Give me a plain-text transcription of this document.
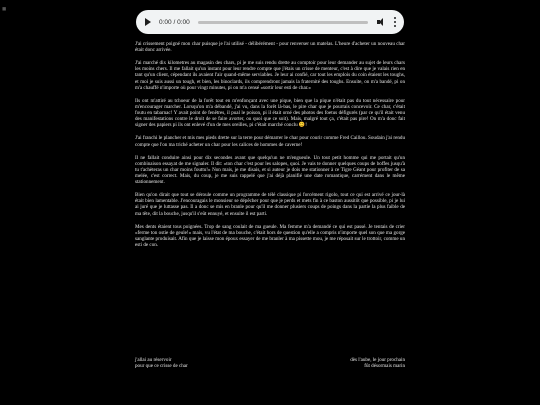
■
0:00 / 0:00

J'ai crissement poigné mon char puisque je l'ai utilisé - délibérément - pour renverser un matelas. L'heure d'acheter un nouveau char était donc arrivée.

J'ai marché dix kilometres au magasin des chars, pi je me suis rendu drette au comptoir pour leur demander au sujet de leurs chars les moins chers. Il me fallait qu'un instant pour leur rendre compte que j'étais un crisse de menteur, c'est à dire que je valais rien en tant qu'un client, cépendant ils avaient l'air quand-même serviables. Je leur ai confié, car tout les emplois du coin étaient les toughs, et moi je suis aussi un tough, et bien, les binoclards, ils comprendront jamais la fraternité des toughs. Ensuite, on m'a bandé, pi on m'a chauffé n'importe où pour vingt minutes, pi on m'a censé «sortir leur esti de char.»

Ils ont m'attiré au tchoeur de la forêt tout en m'enfonçant avec une pique, bien que la pique n'était pas du tout nécessaire pour m'encourager marcher. Lorsqu'on m'a débandé, j'ai vu, dans la forêt là-bas, le pire char que je pourrais concevoir. Ce char, c'était foutu en tabarnac! Y avait point de fenêtres, il pual le poison, pi il était orné des photos des foetus défigurés (par ce qu'il était venu des manifestations contre le droit de se faire avorter, ou quoi que ce soit). Mais, malgré tout ça, c'était pas pire! On m'a donc fait signer des papiers pi ils ont enlevé d'un de mes oreilles, pi c'était marché conclu 😊!

J'ai franchi le plancher et mis mes pieds drette sur la terre pour démarrer le char pour courir comme Fred Caillou. Soudain j'ai rendu compte que l'on ma triché acheter un char pour les calices de hommes de caverne!

Il ne fallait conduire ainsi pour dix secondes avant que quelqu'un ne m'engueule. Un tout petit homme qui me portait qu'un combinaison essayat de me signaler. Il dit: «ton char c'est pour les salopes, quoi. Je vais te donner quelques coups de boffes jusqu'à tu t'achèteras un char moins fouttu!» Non mais, je me disais, et si auteur je dois me stationner à ce Tigre Géant pour profiter de sa melée, c'est correct. Mais, du coup, je me suis rappelé que j'ai déjà planifié une date romantique, carrément dans le même stationnement.

Bien qu'on dirait que tout se déroule comme un programme de télé classique pi forcément rigolo, tout ce qui est arrivé ce jour-là était bien lamentable. J'encouragais le monsieur se dépêcher pour que je perds et mets fin à ce baston aussitôt que possible, pi je lui ai juré que je luttasse pas. Il a donc se mis en branle pour qu'il me donner plusiers coups de poings dans la partie la plus faible de ma tête, dit la bouche, jusqu'il s'eût ennuyé, et ensuite il est parti.

Mes dents étaient tous poignées. Trop de sang coulait de ma gueule. Ma femme m'a demandé ce qui est passé. Je tentais de crier «ferme ton ostie de geule!» mais, vu l'état de ma bouche, c'était hors de question qu'elle a compris n'importe quel son que ma gorge sanglante produisait. Afin que je laisse mon époux essayer de me branler à ma pissette mou, je me réposait sur le trottoir, comme un esti de con.

j'allai au réservoir
pour que ce crisse de char
dès l'aube, le jour prochain
fût désormais marin
